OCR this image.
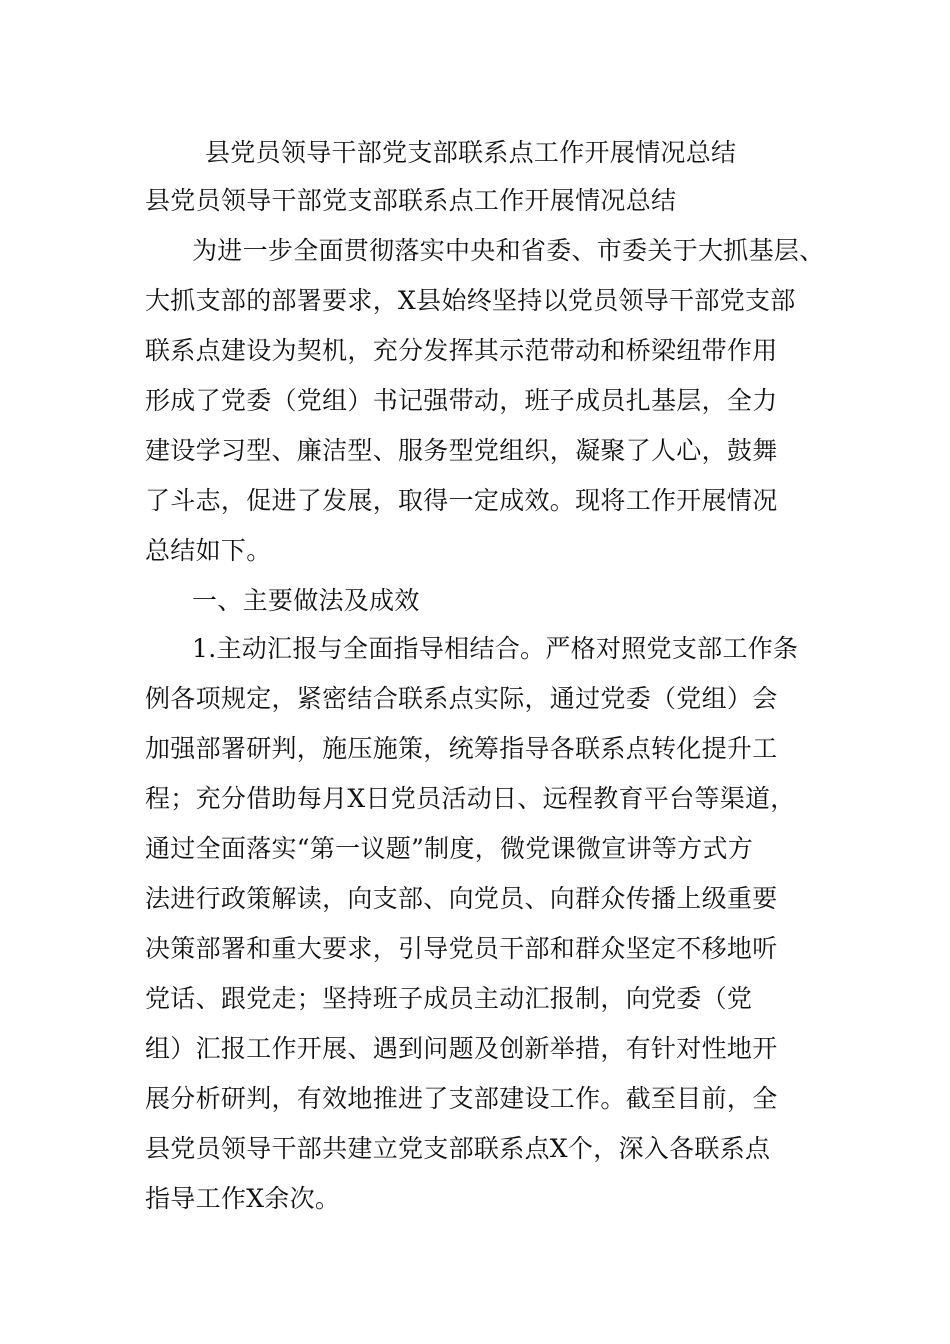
县党员领导干部党支部联系点工作开展情况总结
县党员领导干部党支部联系点工作开展情况总结
为进一步全面贯彻落实中央和省委、市委关于大抓基层、
大抓支部的部署要求，X县始终坚持以党员领导干部党支部
联系点建设为契机，充分发挥其示范带动和桥梁纽带作用
形成了党委（党组）书记强带动，班子成员扎基层，全力
建设学习型、廉洁型、服务型党组织，凝聚了人心，鼓舞
了斗志，促进了发展，取得一定成效。现将工作开展情况
总结如下。
一、主要做法及成效
1.主动汇报与全面指导相结合。严格对照党支部工作条
例各项规定，紧密结合联系点实际，通过党委（党组）会
加强部署研判，施压施策，统筹指导各联系点转化提升工
程；充分借助每月X日党员活动日、远程教育平台等渠道，
通过全面落实“第一议题”制度，微党课微宣讲等方式方
法进行政策解读，向支部、向党员、向群众传播上级重要
决策部署和重大要求，引导党员干部和群众坚定不移地听
党话、跟党走；坚持班子成员主动汇报制，向党委（党
组）汇报工作开展、遇到问题及创新举措，有针对性地开
展分析研判，有效地推进了支部建设工作。截至目前，全
县党员领导干部共建立党支部联系点X个，深入各联系点
指导工作X余次。
